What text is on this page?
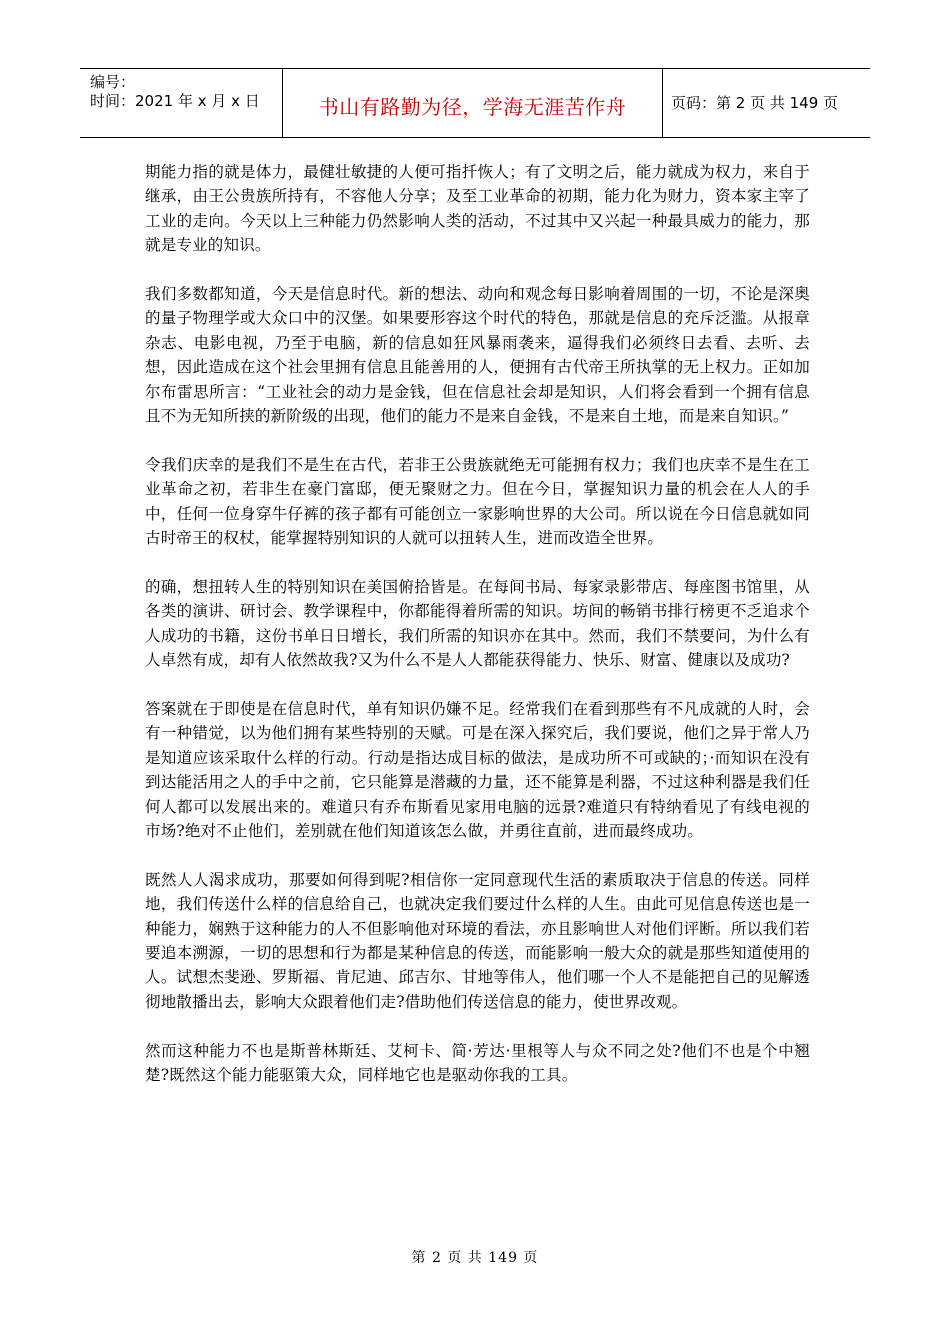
编号：
时间：2021 年 x 月 x 日	书山有路勤为径，学海无涯苦作舟	页码：第 2 页 共 149 页

期能力指的就是体力，最健壮敏捷的人便可指扦恢人；有了文明之后，能力就成为权力，来自于继承，由王公贵族所持有，不容他人分享；及至工业革命的初期，能力化为财力，资本家主宰了工业的走向。今天以上三种能力仍然影响人类的活动，不过其中又兴起一种最具威力的能力，那就是专业的知识。

我们多数都知道，今天是信息时代。新的想法、动向和观念每日影响着周围的一切，不论是深奥的量子物理学或大众口中的汉堡。如果要形容这个时代的特色，那就是信息的充斥泛滥。从报章杂志、电影电视，乃至于电脑，新的信息如狂风暴雨袭来，逼得我们必须终日去看、去听、去想，因此造成在这个社会里拥有信息且能善用的人，便拥有古代帝王所执掌的无上权力。正如加尔布雷思所言：“工业社会的动力是金钱，但在信息社会却是知识，人们将会看到一个拥有信息且不为无知所挟的新阶级的出现，他们的能力不是来自金钱，不是来自土地，而是来自知识。”

令我们庆幸的是我们不是生在古代，若非王公贵族就绝无可能拥有权力；我们也庆幸不是生在工业革命之初，若非生在豪门富邸，便无聚财之力。但在今日，掌握知识力量的机会在人人的手中，任何一位身穿牛仔裤的孩子都有可能创立一家影响世界的大公司。所以说在今日信息就如同古时帝王的权杖，能掌握特别知识的人就可以扭转人生，进而改造全世界。

的确，想扭转人生的特别知识在美国俯拾皆是。在每间书局、每家录影带店、每座图书馆里，从各类的演讲、研讨会、教学课程中，你都能得着所需的知识。坊间的畅销书排行榜更不乏追求个人成功的书籍，这份书单日日增长，我们所需的知识亦在其中。然而，我们不禁要问，为什么有人卓然有成，却有人依然故我?又为什么不是人人都能获得能力、快乐、财富、健康以及成功?

答案就在于即使是在信息时代，单有知识仍嫌不足。经常我们在看到那些有不凡成就的人时，会有一种错觉，以为他们拥有某些特别的天赋。可是在深入探究后，我们要说，他们之异于常人乃是知道应该采取什么样的行动。行动是指达成目标的做法，是成功所不可或缺的；·而知识在没有到达能活用之人的手中之前，它只能算是潜藏的力量，还不能算是利器，不过这种利器是我们任何人都可以发展出来的。难道只有乔布斯看见家用电脑的远景?难道只有特纳看见了有线电视的市场?绝对不止他们，差别就在他们知道该怎么做，并勇往直前，进而最终成功。

既然人人渴求成功，那要如何得到呢?相信你一定同意现代生活的素质取决于信息的传送。同样地，我们传送什么样的信息给自己，也就决定我们要过什么样的人生。由此可见信息传送也是一种能力，娴熟于这种能力的人不但影响他对环境的看法，亦且影响世人对他们评断。所以我们若要追本溯源，一切的思想和行为都是某种信息的传送，而能影响一般大众的就是那些知道使用的人。试想杰斐逊、罗斯福、肯尼迪、邱吉尔、甘地等伟人，他们哪一个人不是能把自己的见解透彻地散播出去，影响大众跟着他们走?借助他们传送信息的能力，使世界改观。

然而这种能力不也是斯普林斯廷、艾柯卡、简·芳达·里根等人与众不同之处?他们不也是个中翘楚?既然这个能力能驱策大众，同样地它也是驱动你我的工具。

第 2 页 共 149 页
